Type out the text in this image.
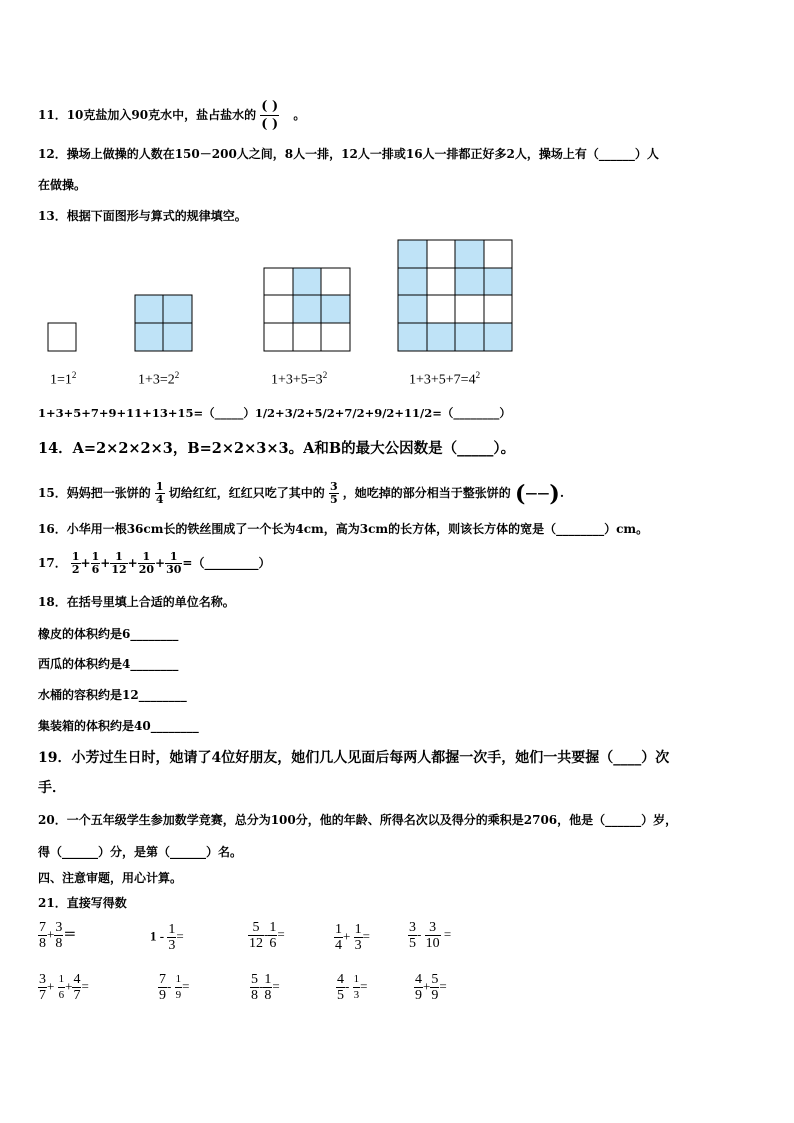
11．10克盐加入90克水中，盐占盐水的
( )
( )
。
12．操场上做操的人数在150－200人之间，8人一排，12人一排或16人一排都正好多2人，操场上有（______）人
在做操。
13．根据下面图形与算式的规律填空。
$1=1^2$	$1+3=2^2$	$1+3+5=3^2$	$1+3+5+7=4^2$
1+3+5+7+9+11+13+15=（_____）1/2+3/2+5/2+7/2+9/2+11/2=（________）
14．A=2×2×2×3，B=2×2×3×3。A和B的最大公因数是（_____）。
15．妈妈把一张饼的 $\frac{1}{4}$ 切给红红，红红只吃了其中的 $\frac{3}{5}$ ，她吃掉的部分相当于整张饼的 (——).
16．小华用一根36cm长的铁丝围成了一个长为4cm，高为3cm的长方体，则该长方体的宽是（________）cm。
17． $\frac{1}{2} + \frac{1}{6} + \frac{1}{12} + \frac{1}{20} + \frac{1}{30}$ =（_________）
18．在括号里填上合适的单位名称。
橡皮的体积约是6________
西瓜的体积约是4________
水桶的容积约是12________
集装箱的体积约是40________
19．小芳过生日时，她请了4位好朋友，她们几人见面后每两人都握一次手，她们一共要握（____）次
手．
20．一个五年级学生参加数学竞赛，总分为100分，他的年龄、所得名次以及得分的乘积是2706，他是（______）岁，
得（______）分，是第（______）名。
四、注意审题，用心计算。
21．直接写得数
$\frac{7}{8} + \frac{3}{8}$ ＝	$1 - \frac{1}{3}$ =	$\frac{5}{12} - \frac{1}{6}$ =	$\frac{1}{4} + \frac{1}{3}$ =	$\frac{3}{5} - \frac{3}{10}$ =
$\frac{3}{7} + \frac{1}{6} + \frac{4}{7}$ =	$\frac{7}{9} - \frac{1}{9}$ =	$\frac{5}{8} - \frac{1}{8}$ =	$\frac{4}{5} - \frac{1}{3}$ =	$\frac{4}{9} + \frac{5}{9}$ =
